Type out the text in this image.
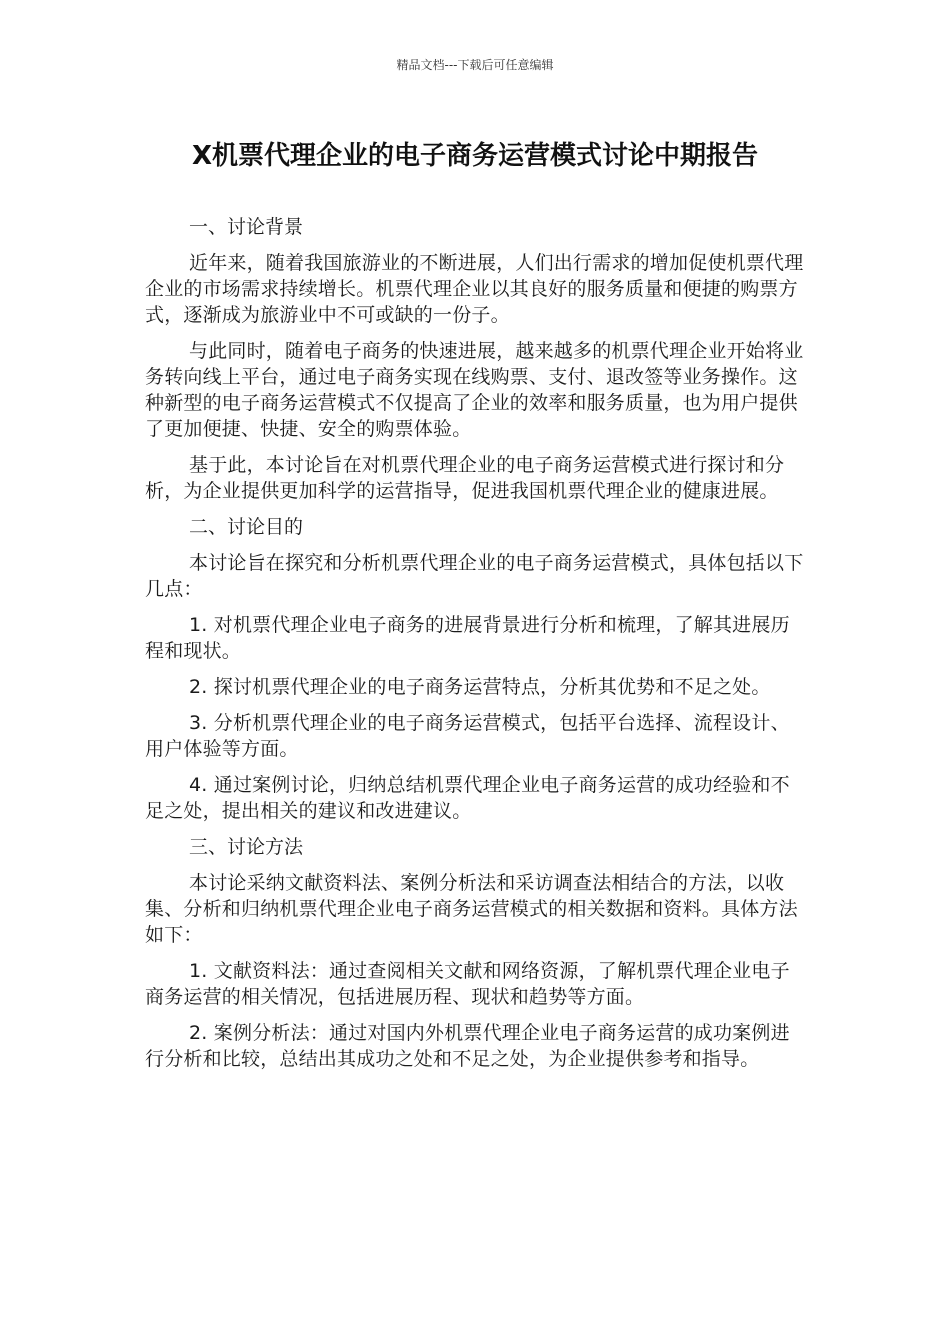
精品文档---下载后可任意编辑
X机票代理企业的电子商务运营模式讨论中期报告
一、讨论背景

近年来，随着我国旅游业的不断进展，人们出行需求的增加促使机票代理企业的市场需求持续增长。机票代理企业以其良好的服务质量和便捷的购票方式，逐渐成为旅游业中不可或缺的一份子。

与此同时，随着电子商务的快速进展，越来越多的机票代理企业开始将业务转向线上平台，通过电子商务实现在线购票、支付、退改签等业务操作。这种新型的电子商务运营模式不仅提高了企业的效率和服务质量，也为用户提供了更加便捷、快捷、安全的购票体验。

基于此，本讨论旨在对机票代理企业的电子商务运营模式进行探讨和分析，为企业提供更加科学的运营指导，促进我国机票代理企业的健康进展。

二、讨论目的

本讨论旨在探究和分析机票代理企业的电子商务运营模式，具体包括以下几点：

1. 对机票代理企业电子商务的进展背景进行分析和梳理，了解其进展历程和现状。

2. 探讨机票代理企业的电子商务运营特点，分析其优势和不足之处。

3. 分析机票代理企业的电子商务运营模式，包括平台选择、流程设计、用户体验等方面。

4. 通过案例讨论，归纳总结机票代理企业电子商务运营的成功经验和不足之处，提出相关的建议和改进建议。

三、讨论方法

本讨论采纳文献资料法、案例分析法和采访调查法相结合的方法，以收集、分析和归纳机票代理企业电子商务运营模式的相关数据和资料。具体方法如下：

1. 文献资料法：通过查阅相关文献和网络资源，了解机票代理企业电子商务运营的相关情况，包括进展历程、现状和趋势等方面。

2. 案例分析法：通过对国内外机票代理企业电子商务运营的成功案例进行分析和比较，总结出其成功之处和不足之处，为企业提供参考和指导。
